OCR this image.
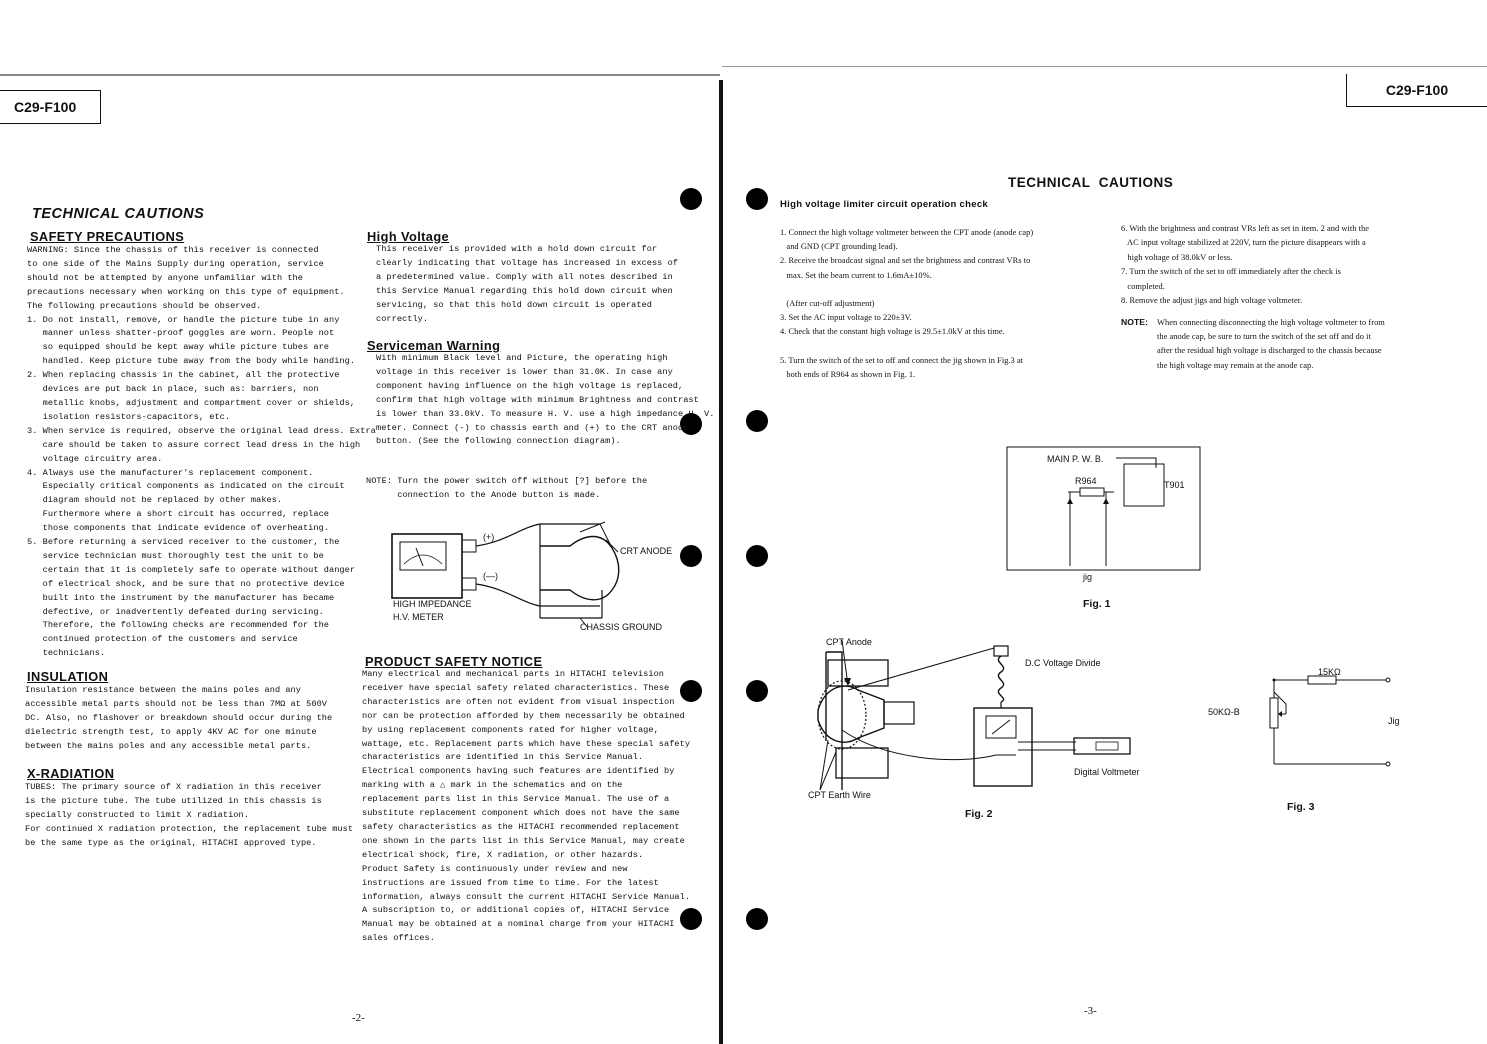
C29-F100
C29-F100
TECHNICAL CAUTIONS
SAFETY PRECAUTIONS
WARNING: Since the chassis of this receiver is connected
to one side of the Mains Supply during operation, service
should not be attempted by anyone unfamiliar with the
precautions necessary when working on this type of equipment.
The following precautions should be observed.
1. Do not install, remove, or handle the picture tube in any
manner unless shatter-proof goggles are worn. People not
so equipped should be kept away while picture tubes are
handled. Keep picture tube away from the body while handing.
2. When replacing chassis in the cabinet, all the protective
devices are put back in place, such as: barriers, non
metallic knobs, adjustment and compartment cover or shields,
isolation resistors-capacitors, etc.
3. When service is required, observe the original lead dress. Extra
care should be taken to assure correct lead dress in the high
voltage circuitry area.
4. Always use the manufacturer's replacement component.
Especially critical components as indicated on the circuit
diagram should not be replaced by other makes.
Furthermore where a short circuit has occurred, replace
those components that indicate evidence of overheating.
5. Before returning a serviced receiver to the customer, the
service technician must thoroughly test the unit to be
certain that it is completely safe to operate without danger
of electrical shock, and be sure that no protective device
built into the instrument by the manufacturer has became
defective, or inadvertently defeated during servicing.
Therefore, the following checks are recommended for the
continued protection of the customers and service
technicians.
INSULATION
Insulation resistance between the mains poles and any
accessible metal parts should not be less than 7MΩ at 500V
DC. Also, no flashover or breakdown should occur during the
dielectric strength test, to apply 4KV AC for one minute
between the mains poles and any accessible metal parts.
X-RADIATION
TUBES: The primary source of X radiation in this receiver
is the picture tube. The tube utilized in this chassis is
specially constructed to limit X radiation.
For continued X radiation protection, the replacement tube must
be the same type as the original, HITACHI approved type.
High Voltage
This receiver is provided with a hold down circuit for
clearly indicating that voltage has increased in excess of
a predetermined value. Comply with all notes described in
this Service Manual regarding this hold down circuit when
servicing, so that this hold down circuit is operated
correctly.
Serviceman Warning
With minimum Black level and Picture, the operating high
voltage in this receiver is lower than 31.0K. In case any
component having influence on the high voltage is replaced,
confirm that high voltage with minimum Brightness and contrast
is lower than 33.0kV. To measure H. V. use a high impedance H. V.
meter. Connect (-) to chassis earth and (+) to the CRT anode
button. (See the following connection diagram).
NOTE: Turn the power switch off without [?] before the
connection to the Anode button is made.
(+)
(—)
CRT ANODE
HIGH IMPEDANCE
H.V. METER
CHASSIS GROUND
PRODUCT SAFETY NOTICE
Many electrical and mechanical parts in HITACHI television
receiver have special safety related characteristics. These
characteristics are often not evident from visual inspection
nor can be protection afforded by them necessarily be obtained
by using replacement components rated for higher voltage,
wattage, etc. Replacement parts which have these special safety
characteristics are identified in this Service Manual.
Electrical components having such features are identified by
marking with a △ mark in the schematics and on the
replacement parts list in this Service Manual. The use of a
substitute replacement component which does not have the same
safety characteristics as the HITACHI recommended replacement
one shown in the parts list in this Service Manual, may create
electrical shock, fire, X radiation, or other hazards.
Product Safety is continuously under review and new
instructions are issued from time to time. For the latest
information, always consult the current HITACHI Service Manual.
A subscription to, or additional copies of, HITACHI Service
Manual may be obtained at a nominal charge from your HITACHI
sales offices.
-2-
TECHNICAL  CAUTIONS
High voltage limiter circuit operation check
1. Connect the high voltage voltmeter between the CPT anode (anode cap)
and GND (CPT grounding lead).
2. Receive the broadcast signal and set the brightness and contrast VRs to
max. Set the beam current to 1.6mA±10%.

(After cut-off adjustment)
3. Set the AC input voltage to 220±3V.
4. Check that the constant high voltage is 29.5±1.0kV at this time.

5. Turn the switch of the set to off and connect the jig shown in Fig.3 at
both ends of R964 as shown in Fig. 1.
6. With the brightness and contrast VRs left as set in item. 2 and with the
AC input voltage stabilized at 220V, turn the picture disappears with a
high voltage of 38.0kV or less.
7. Turn the switch of the set to off immediately after the check is
completed.
8. Remove the adjust jigs and high voltage voltmeter.
NOTE: When connecting disconnecting the high voltage voltmeter to from
the anode cap, be sure to turn the switch of the set off and do it
after the residual high voltage is discharged to the chassis because
the high voltage may remain at the anode cap.
MAIN P. W. B.
R964	T901
jig
Fig. 1
CPT Anode
D.C Voltage Divide
Digital Voltmeter
CPT Earth Wire
Fig. 2
15KΩ
50KΩ-B
Jig
Fig. 3
-3-
